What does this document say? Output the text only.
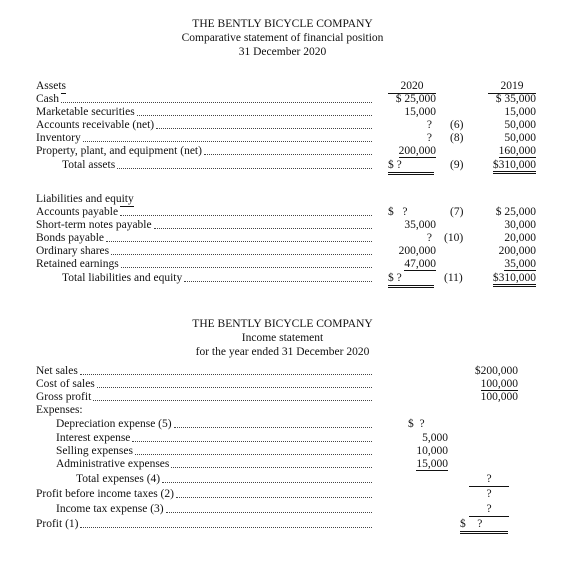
THE BENTLY BICYCLE COMPANY
Comparative statement of financial position
31 December 2020
2020	2019
Assets
Cash	$ 25,000	$ 35,000
Marketable securities	15,000	15,000
Accounts receivable (net)	? (6)	50,000
Inventory	? (8)	50,000
Property, plant, and equipment (net)	200,000	160,000
Total assets	$ ?	(9)	$310,000
Liabilities and equity
Accounts payable	$   ?	(7)	$ 25,000
Short-term notes payable	35,000	30,000
Bonds payable	? (10)	20,000
Ordinary shares	200,000	200,000
Retained earnings	47,000	35,000
Total liabilities and equity	$ ?	(11)	$310,000
THE BENTLY BICYCLE COMPANY
Income statement
for the year ended 31 December 2020
Net sales	$200,000
Cost of sales	100,000
Gross profit	100,000
Expenses:
Depreciation expense (5)	$  ?
Interest expense	5,000
Selling expenses	10,000
Administrative expenses	15,000
Total expenses (4)	?
Profit before income taxes (2)	?
Income tax expense (3)	?
Profit (1)	$    ?
